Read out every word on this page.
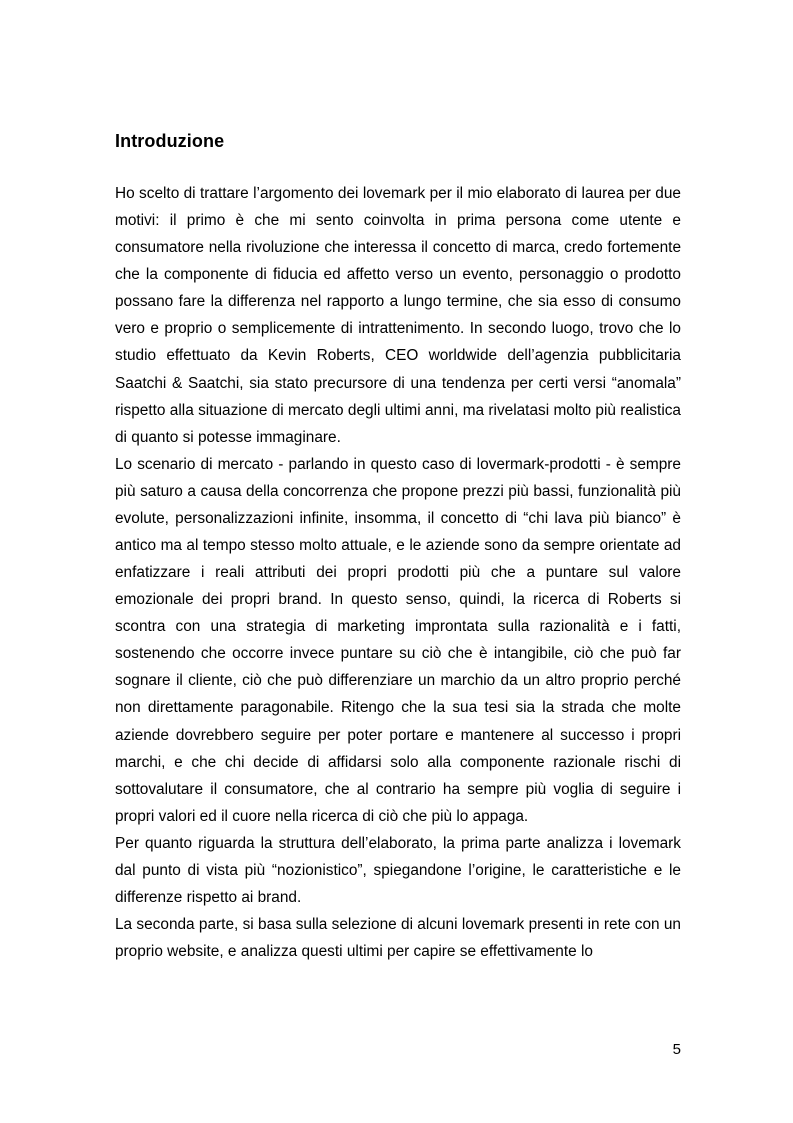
Introduzione

Ho scelto di trattare l’argomento dei lovemark per il mio elaborato di laurea per due motivi: il primo è che mi sento coinvolta in prima persona come utente e consumatore nella rivoluzione che interessa il concetto di marca, credo fortemente che la componente di fiducia ed affetto verso un evento, personaggio o prodotto possano fare la differenza nel rapporto a lungo termine, che sia esso di consumo vero e proprio o semplicemente di intrattenimento. In secondo luogo, trovo che lo studio effettuato da Kevin Roberts, CEO worldwide dell’agenzia pubblicitaria Saatchi & Saatchi, sia stato precursore di una tendenza per certi versi “anomala” rispetto alla situazione di mercato degli ultimi anni, ma rivelatasi molto più realistica di quanto si potesse immaginare.

Lo scenario di mercato - parlando in questo caso di lovermark-prodotti - è sempre più saturo a causa della concorrenza che propone prezzi più bassi, funzionalità più evolute, personalizzazioni infinite, insomma, il concetto di “chi lava più bianco” è antico ma al tempo stesso molto attuale, e le aziende sono da sempre orientate ad enfatizzare i reali attributi dei propri prodotti più che a puntare sul valore emozionale dei propri brand. In questo senso, quindi, la ricerca di Roberts si scontra con una strategia di marketing improntata sulla razionalità e i fatti, sostenendo che occorre invece puntare su ciò che è intangibile, ciò che può far sognare il cliente, ciò che può differenziare un marchio da un altro proprio perché non direttamente paragonabile. Ritengo che la sua tesi sia la strada che molte aziende dovrebbero seguire per poter portare e mantenere al successo i propri marchi, e che chi decide di affidarsi solo alla componente razionale rischi di sottovalutare il consumatore, che al contrario ha sempre più voglia di seguire i propri valori ed il cuore nella ricerca di ciò che più lo appaga.

Per quanto riguarda la struttura dell’elaborato, la prima parte analizza i lovemark dal punto di vista più “nozionistico”, spiegandone l’origine, le caratteristiche e le differenze rispetto ai brand.

La seconda parte, si basa sulla selezione di alcuni lovemark presenti in rete con un proprio website, e analizza questi ultimi per capire se effettivamente lo

5
